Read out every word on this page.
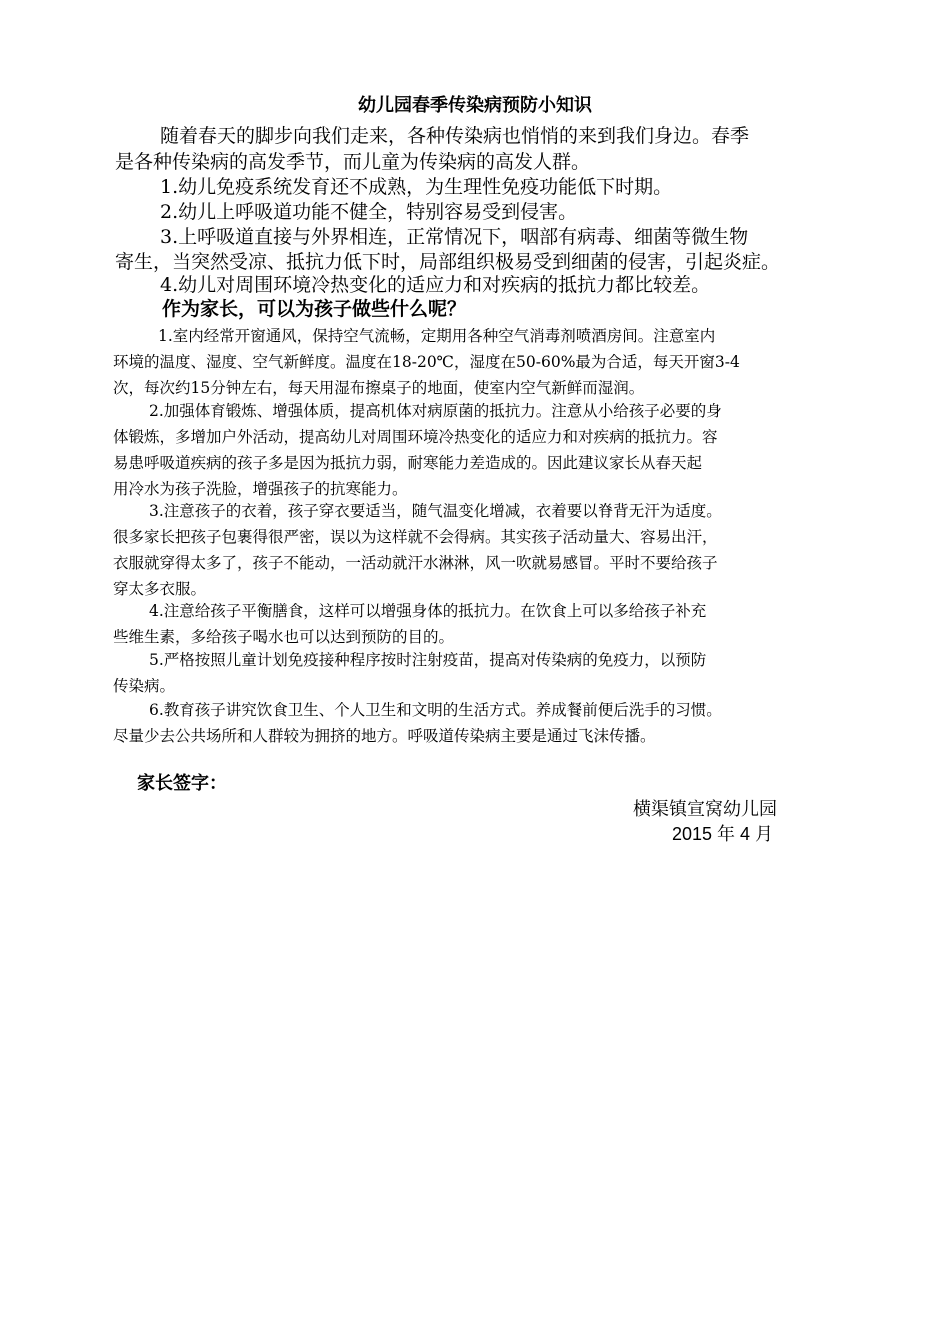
幼儿园春季传染病预防小知识
随着春天的脚步向我们走来，各种传染病也悄悄的来到我们身边。春季
是各种传染病的高发季节，而儿童为传染病的高发人群。
1.幼儿免疫系统发育还不成熟，为生理性免疫功能低下时期。
2.幼儿上呼吸道功能不健全，特别容易受到侵害。
3.上呼吸道直接与外界相连，正常情况下，咽部有病毒、细菌等微生物
寄生，当突然受凉、抵抗力低下时，局部组织极易受到细菌的侵害，引起炎症。
4.幼儿对周围环境冷热变化的适应力和对疾病的抵抗力都比较差。
作为家长，可以为孩子做些什么呢？
1.室内经常开窗通风，保持空气流畅，定期用各种空气消毒剂喷酒房间。注意室内
环境的温度、湿度、空气新鲜度。温度在18-20℃，湿度在50-60%最为合适，每天开窗3-4
次，每次约15分钟左右，每天用湿布擦桌子的地面，使室内空气新鲜而湿润。
2.加强体育锻炼、增强体质，提高机体对病原菌的抵抗力。注意从小给孩子必要的身
体锻炼，多增加户外活动，提高幼儿对周围环境冷热变化的适应力和对疾病的抵抗力。容
易患呼吸道疾病的孩子多是因为抵抗力弱，耐寒能力差造成的。因此建议家长从春天起
用冷水为孩子洗脸，增强孩子的抗寒能力。
3.注意孩子的衣着，孩子穿衣要适当，随气温变化增减，衣着要以脊背无汗为适度。
很多家长把孩子包裹得很严密，误以为这样就不会得病。其实孩子活动量大、容易出汗，
衣服就穿得太多了，孩子不能动，一活动就汗水淋淋，风一吹就易感冒。平时不要给孩子
穿太多衣服。
4.注意给孩子平衡膳食，这样可以增强身体的抵抗力。在饮食上可以多给孩子补充
些维生素，多给孩子喝水也可以达到预防的目的。
5.严格按照儿童计划免疫接种程序按时注射疫苗，提高对传染病的免疫力，以预防
传染病。
6.教育孩子讲究饮食卫生、个人卫生和文明的生活方式。养成餐前便后洗手的习惯。
尽量少去公共场所和人群较为拥挤的地方。呼吸道传染病主要是通过飞沫传播。
家长签字：
横渠镇宣窝幼儿园
2015 年 4 月
